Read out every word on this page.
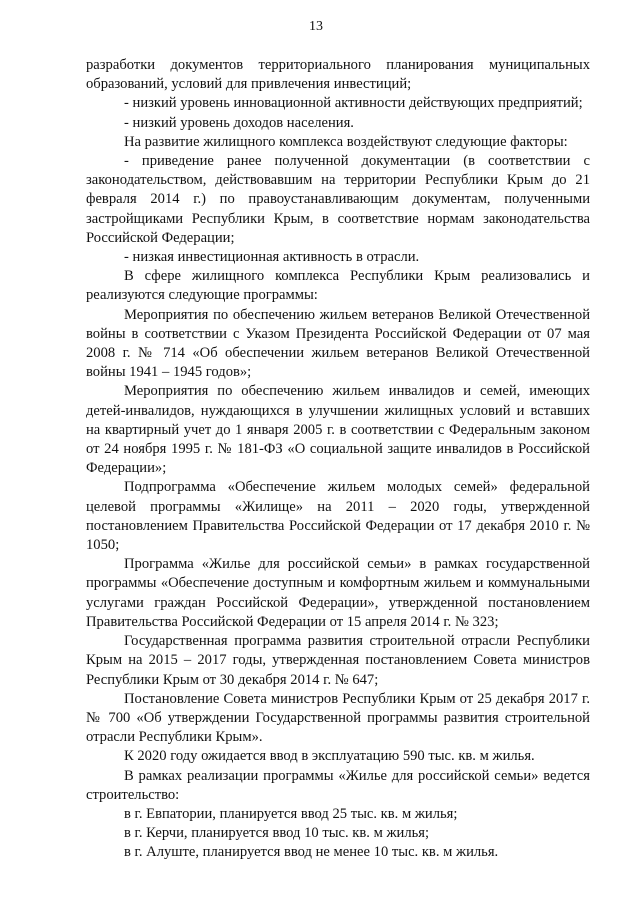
13

разработки документов территориального планирования муниципальных образований, условий для привлечения инвестиций;

- низкий уровень инновационной активности действующих предприятий;

- низкий уровень доходов населения.

На развитие жилищного комплекса воздействуют следующие факторы:

- приведение ранее полученной документации (в соответствии с законодательством, действовавшим на территории Республики Крым до 21 февраля 2014 г.) по правоустанавливающим документам, полученными застройщиками Республики Крым, в соответствие нормам законодательства Российской Федерации;

- низкая инвестиционная активность в отрасли.

В сфере жилищного комплекса Республики Крым реализовались и реализуются следующие программы:

Мероприятия по обеспечению жильем ветеранов Великой Отечественной войны в соответствии с Указом Президента Российской Федерации от 07 мая 2008 г. № 714 «Об обеспечении жильем ветеранов Великой Отечественной войны 1941 – 1945 годов»;

Мероприятия по обеспечению жильем инвалидов и семей, имеющих детей-инвалидов, нуждающихся в улучшении жилищных условий и вставших на квартирный учет до 1 января 2005 г. в соответствии с Федеральным законом от 24 ноября 1995 г. № 181-ФЗ «О социальной защите инвалидов в Российской Федерации»;

Подпрограмма «Обеспечение жильем молодых семей» федеральной целевой программы «Жилище» на 2011 – 2020 годы, утвержденной постановлением Правительства Российской Федерации от 17 декабря 2010 г. № 1050;

Программа «Жилье для российской семьи» в рамках государственной программы «Обеспечение доступным и комфортным жильем и коммунальными услугами граждан Российской Федерации», утвержденной постановлением Правительства Российской Федерации от 15 апреля 2014 г. № 323;

Государственная программа развития строительной отрасли Республики Крым на 2015 – 2017 годы, утвержденная постановлением Совета министров Республики Крым от 30 декабря 2014 г. № 647;

Постановление Совета министров Республики Крым от 25 декабря 2017 г. № 700 «Об утверждении Государственной программы развития строительной отрасли Республики Крым».

К 2020 году ожидается ввод в эксплуатацию 590 тыс. кв. м жилья.

В рамках реализации программы «Жилье для российской семьи» ведется строительство:

в г. Евпатории, планируется ввод 25 тыс. кв. м жилья;

в г. Керчи, планируется ввод 10 тыс. кв. м жилья;

в г. Алуште, планируется ввод не менее 10 тыс. кв. м жилья.
